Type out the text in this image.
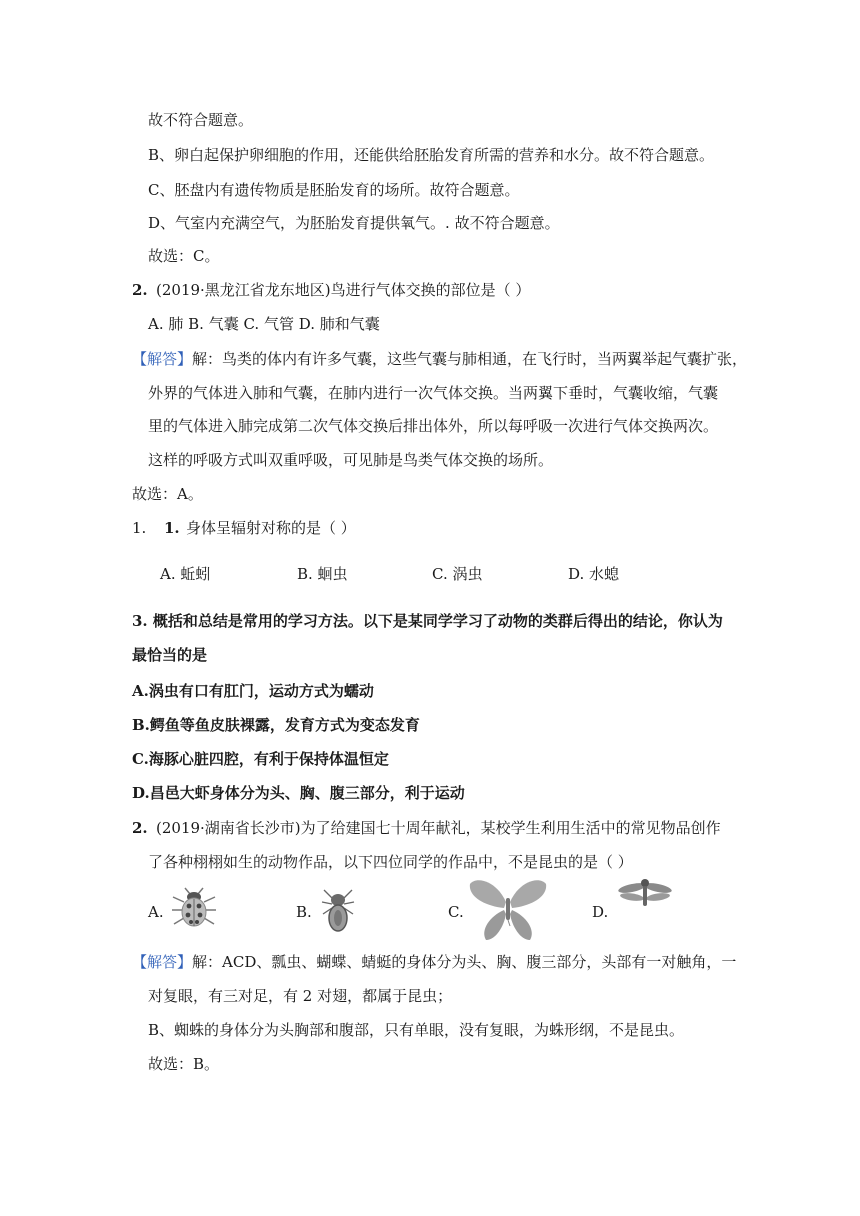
故不符合题意。
B、卵白起保护卵细胞的作用，还能供给胚胎发育所需的营养和水分。故不符合题意。
C、胚盘内有遗传物质是胚胎发育的场所。故符合题意。
D、气室内充满空气，为胚胎发育提供氧气。. 故不符合题意。
故选：C。
2. (2019·黑龙江省龙东地区)鸟进行气体交换的部位是（ ）
A. 肺 B. 气囊 C. 气管 D. 肺和气囊
【解答】解：鸟类的体内有许多气囊，这些气囊与肺相通，在飞行时，当两翼举起气囊扩张，
外界的气体进入肺和气囊，在肺内进行一次气体交换。当两翼下垂时，气囊收缩，气囊
里的气体进入肺完成第二次气体交换后排出体外，所以每呼吸一次进行气体交换两次。
这样的呼吸方式叫双重呼吸，可见肺是鸟类气体交换的场所。
故选：A。
1. 1. 身体呈辐射对称的是（ ）
A. 蚯蚓	B. 蛔虫	C. 涡虫	D. 水螅
3. 概括和总结是常用的学习方法。以下是某同学学习了动物的类群后得出的结论，你认为
最恰当的是
A.涡虫有口有肛门，运动方式为蠕动
B.鳄鱼等鱼皮肤裸露，发育方式为变态发育
C.海豚心脏四腔，有利于保持体温恒定
D.昌邑大虾身体分为头、胸、腹三部分，利于运动
2. (2019·湖南省长沙市)为了给建国七十周年献礼，某校学生利用生活中的常见物品创作
了各种栩栩如生的动物作品，以下四位同学的作品中，不是昆虫的是（ ）
A.	B.	C.	D.
【解答】解：ACD、瓢虫、蝴蝶、蜻蜓的身体分为头、胸、腹三部分，头部有一对触角，一
对复眼，有三对足，有 2 对翅，都属于昆虫；
B、蜘蛛的身体分为头胸部和腹部，只有单眼，没有复眼，为蛛形纲，不是昆虫。
故选：B。
